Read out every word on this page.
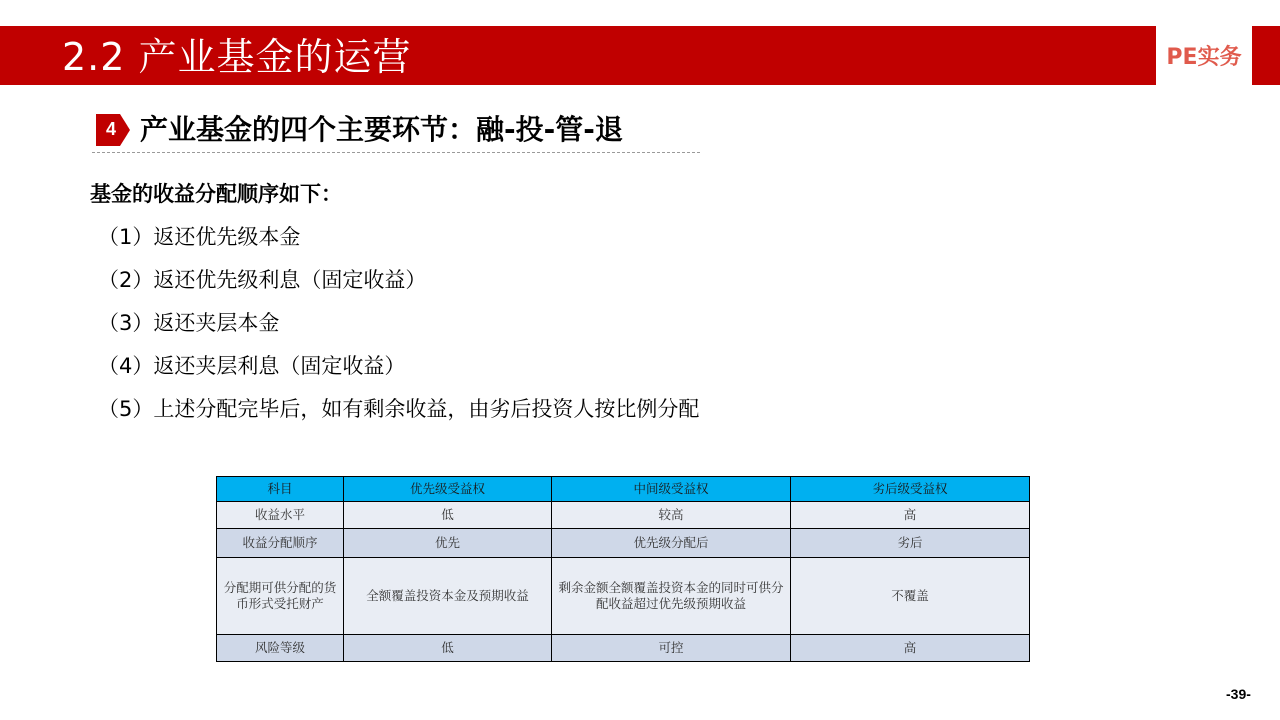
2.2 产业基金的运营	PE实务
4 产业基金的四个主要环节：融-投-管-退
基金的收益分配顺序如下：
（1）返还优先级本金
（2）返还优先级利息（固定收益）
（3）返还夹层本金
（4）返还夹层利息（固定收益）
（5）上述分配完毕后，如有剩余收益，由劣后投资人按比例分配
科目	优先级受益权	中间级受益权	劣后级受益权
收益水平	低	较高	高
收益分配顺序	优先	优先级分配后	劣后
分配期可供分配的货币形式受托财产	全额覆盖投资本金及预期收益	剩余金额全额覆盖投资本金的同时可供分配收益超过优先级预期收益	不覆盖
风险等级	低	可控	高
-39-
